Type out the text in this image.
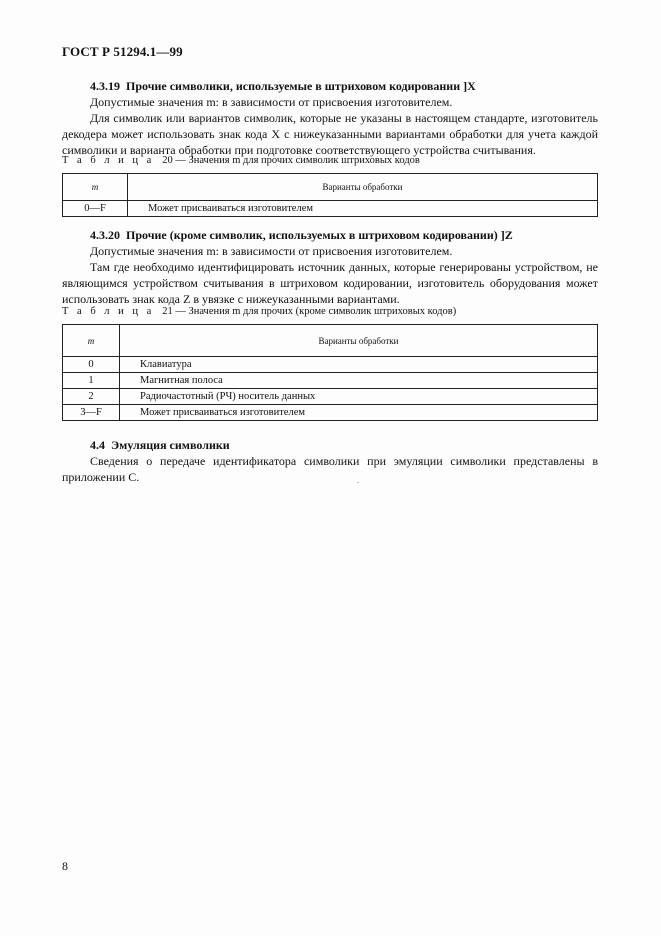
ГОСТ Р 51294.1—99
4.3.19 Прочие символики, используемые в штриховом кодировании ]X
Допустимые значения m: в зависимости от присвоения изготовителем.
Для символик или вариантов символик, которые не указаны в настоящем стандарте, изготовитель декодера может использовать знак кода X с нижеуказанными вариантами обработки для учета каждой символики и варианта обработки при подготовке соответствующего устройства считывания.
Т а б л и ц а 20 — Значения m для прочих символик штриховых кодов
m	Варианты обработки
0—F	Может присваиваться изготовителем
4.3.20 Прочие (кроме символик, используемых в штриховом кодировании) ]Z
Допустимые значения m: в зависимости от присвоения изготовителем.
Там где необходимо идентифицировать источник данных, которые генерированы устройством, не являющимся устройством считывания в штриховом кодировании, изготовитель оборудования может использовать знак кода Z в увязке с нижеуказанными вариантами.
Т а б л и ц а 21 — Значения m для прочих (кроме символик штриховых кодов)
m	Варианты обработки
0	Клавиатура
1	Магнитная полоса
2	Радиочастотный (РЧ) носитель данных
3—F	Может присваиваться изготовителем
4.4 Эмуляция символики
Сведения о передаче идентификатора символики при эмуляции символики представлены в приложении C.
8
